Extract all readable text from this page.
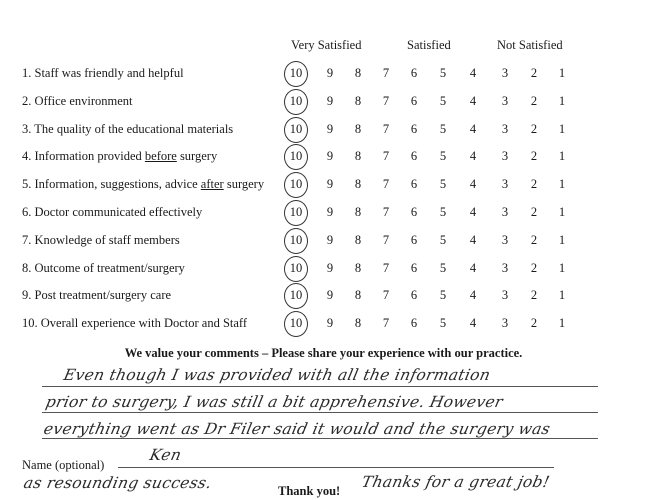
Very Satisfied	Satisfied	Not Satisfied
1. Staff was friendly and helpful	10	9	8	7	6	5	4	3	2	1
2. Office environment	10	9	8	7	6	5	4	3	2	1
3. The quality of the educational materials	10	9	8	7	6	5	4	3	2	1
4. Information provided before surgery	10	9	8	7	6	5	4	3	2	1
5. Information, suggestions, advice after surgery	10	9	8	7	6	5	4	3	2	1
6. Doctor communicated effectively	10	9	8	7	6	5	4	3	2	1
7. Knowledge of staff members	10	9	8	7	6	5	4	3	2	1
8. Outcome of treatment/surgery	10	9	8	7	6	5	4	3	2	1
9. Post treatment/surgery care	10	9	8	7	6	5	4	3	2	1
10. Overall experience with Doctor and Staff	10	9	8	7	6	5	4	3	2	1
We value your comments – Please share your experience with our practice.
Even though I was provided with all the information
prior to surgery, I was still a bit apprehensive. However
everything went as Dr Filer said it would and the surgery was
Name (optional)
Ken
as resounding success.	Thank you! Thanks for a great job!
